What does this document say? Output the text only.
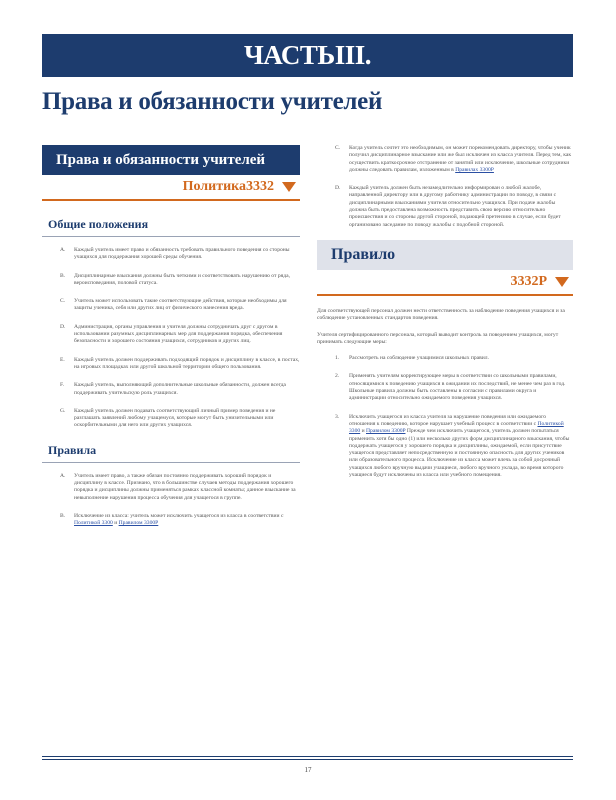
ЧАСТЬIII.
Права и обязанности учителей
Права и обязанности учителей
Политика3332
Общие положения
A.	Каждый учитель имеет право и обязанность требовать правильного поведения со стороны учащихся для поддержания хорошей среды обучения.
B.	Дисциплинарные взыскания должны быть четкими и соответствовать нарушению от ряда, вероисповедания, половой статуса.
C.	Учитель может использовать такие соответствующие действия, которые необходимы для защиты ученика, себя или других лиц от физического нанесения вреда.
D.	Администрация, органы управления и учителя должны сотрудничать друг с другом в использовании разумных дисциплинарных мер для поддержания порядка, обеспечения безопасности и хорошего состояния учащихся, сотрудников и других лиц.
E.	Каждый учитель должен поддерживать подходящий порядок и дисциплину в классе, в постах, на игровых площадках или другой школьной территории общего пользования.
F.	Каждый учитель, выполняющий дополнительные школьные обязанности, должен всегда поддерживать учительскую роль учащихся.
G.	Каждый учитель должен подавать соответствующий личный пример поведения и не разглашать заявлений любому учащемуся, которые могут быть унизительными или оскорбительными для него или других учащихся.
Правила
A.	Учитель имеет право, а также обязан постоянно поддерживать хороший порядок и дисциплину в классе. Признано, что в большинстве случаев методы поддержания хорошего порядка и дисциплины должны применяться рамках классной комнаты; данное взыскание за невыполнение нарушения процесса обучения для учащегося в группе.
B.	Исключение из класса: учитель может исключить учащегося из класса в соответствии с Политикой 3300 и Правилом 3300P
C.	Когда учитель сочтет это необходимым, он может порекомендовать директору, чтобы ученик получил дисциплинарное взыскание или же был исключен из класса учителя. Перед тем, как осуществить краткосрочное отстранение от занятий или исключение, школьные сотрудники должны следовать правилам, изложенным в Правилах 3300P
D.	Каждый учитель должен быть незамедлительно информирован о любой жалобе, направленной директору или в другому работнику администрации по поводу, в связи с дисциплинарными взысканиями учителя относительно учащихся. При подаче жалобы должна быть предоставлена возможность представить свою версию относительно происшествия и со стороны другой стороной, подающей претензию в случае, если будет организовано заседание по поводу жалобы с подобной стороной.
Правило
3332P
Для соответствующей персонал должен нести ответственность за наблюдение поведения учащихся и за соблюдение установленных стандартов поведения.
Учителя сертифицированного персонала, который выводит контроль за поведением учащихся, могут принимать следующие меры:
1.	Рассмотреть на соблюдение учащимися школьных правил.
2.	Применять учителям корректирующее меры в соответствии со школьными правилами, относящимися к поведению учащихся в ожидании их последствий, не менее чем раз в год. Школьные правила должны быть составлены в согласии с правилами округа и администрации относительно ожидаемого поведения учащихся.
3.	Исключить учащегося из класса учителя за нарушение поведения или ожидаемого отношения к поведению, которое нарушает учебный процесс в соответствии с Политикой 3300 и Правилом 3300P Прежде чем исключить учащегося, учитель должен попытаться применить хотя бы одно (1) или несколько других форм дисциплинарного взыскания, чтобы поддержать учащегося у хорошего порядка и дисциплины, ожидаемой, если присутствие учащегося представляет непосредственную и постоянную опасность для других учеников или образовательного процесса. Исключение из класса может влечь за собой досрочный учащихся любого вручную выдачи учащиеся, любого вручного уклада, во время которого учащиеся будут исключены из класса или учебного помещения.
17
